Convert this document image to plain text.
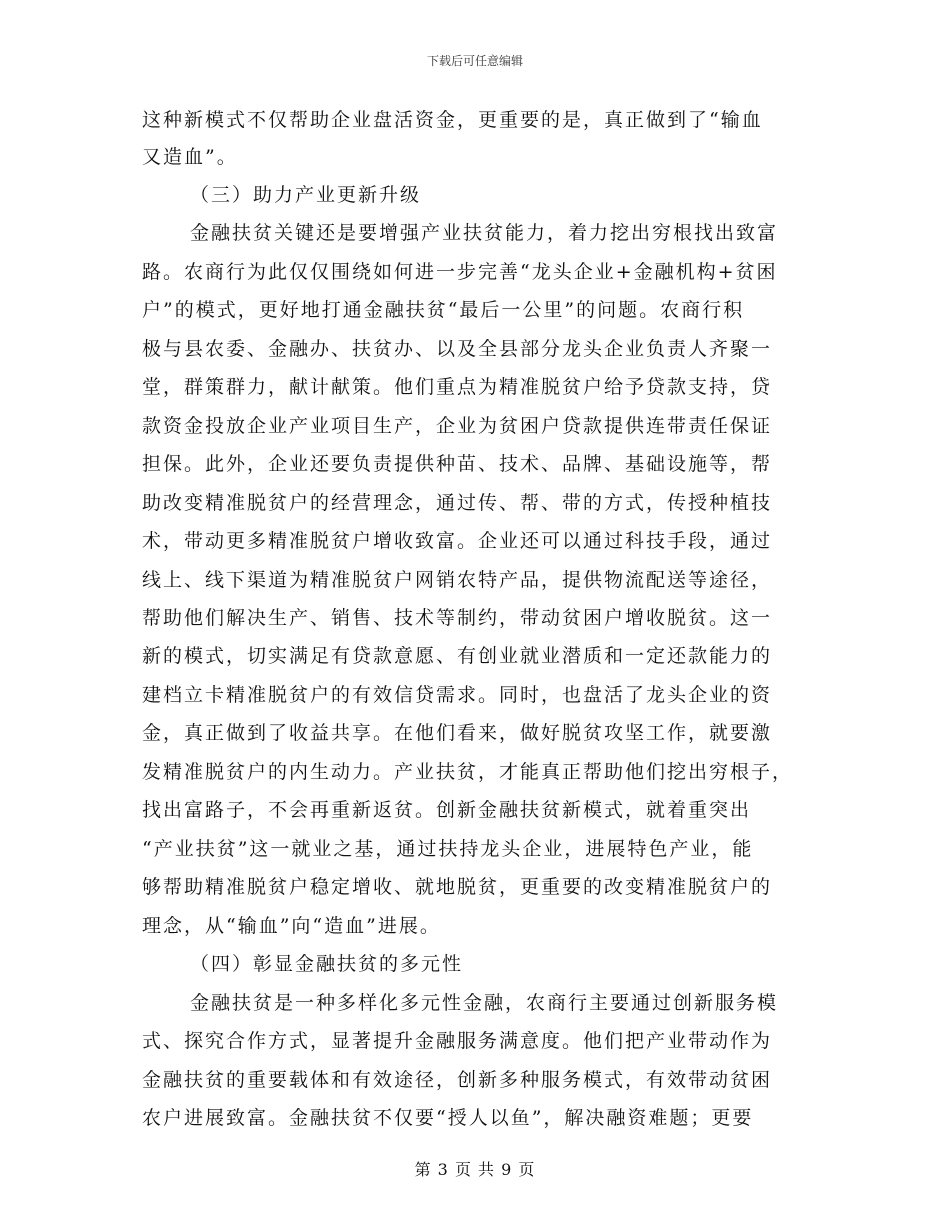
下载后可任意编辑
这种新模式不仅帮助企业盘活资金，更重要的是，真正做到了“输血
又造血”。
（三）助力产业更新升级
金融扶贫关键还是要增强产业扶贫能力，着力挖出穷根找出致富
路。农商行为此仅仅围绕如何进一步完善“龙头企业+金融机构+贫困
户”的模式，更好地打通金融扶贫“最后一公里”的问题。农商行积
极与县农委、金融办、扶贫办、以及全县部分龙头企业负责人齐聚一
堂，群策群力，献计献策。他们重点为精准脱贫户给予贷款支持，贷
款资金投放企业产业项目生产，企业为贫困户贷款提供连带责任保证
担保。此外，企业还要负责提供种苗、技术、品牌、基础设施等，帮
助改变精准脱贫户的经营理念，通过传、帮、带的方式，传授种植技
术，带动更多精准脱贫户增收致富。企业还可以通过科技手段，通过
线上、线下渠道为精准脱贫户网销农特产品，提供物流配送等途径，
帮助他们解决生产、销售、技术等制约，带动贫困户增收脱贫。这一
新的模式，切实满足有贷款意愿、有创业就业潜质和一定还款能力的
建档立卡精准脱贫户的有效信贷需求。同时，也盘活了龙头企业的资
金，真正做到了收益共享。在他们看来，做好脱贫攻坚工作，就要激
发精准脱贫户的内生动力。产业扶贫，才能真正帮助他们挖出穷根子，
找出富路子，不会再重新返贫。创新金融扶贫新模式，就着重突出
“产业扶贫”这一就业之基，通过扶持龙头企业，进展特色产业，能
够帮助精准脱贫户稳定增收、就地脱贫，更重要的改变精准脱贫户的
理念，从“输血”向“造血”进展。
（四）彰显金融扶贫的多元性
金融扶贫是一种多样化多元性金融，农商行主要通过创新服务模
式、探究合作方式，显著提升金融服务满意度。他们把产业带动作为
金融扶贫的重要载体和有效途径，创新多种服务模式，有效带动贫困
农户进展致富。金融扶贫不仅要“授人以鱼”，解决融资难题；更要
第 3 页 共 9 页
